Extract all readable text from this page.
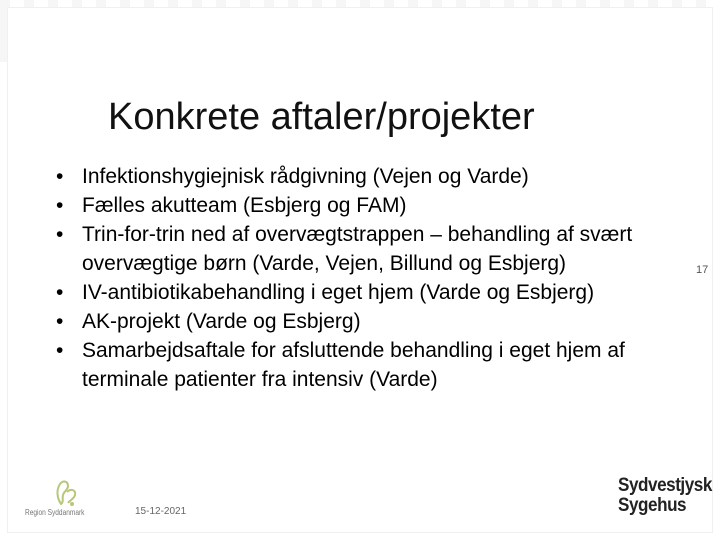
Konkrete aftaler/projekter
• Infektionshygiejnisk rådgivning (Vejen og Varde)
• Fælles akutteam (Esbjerg og FAM)
• Trin-for-trin ned af overvægtstrappen – behandling af svært overvægtige børn (Varde, Vejen, Billund og Esbjerg)
• IV-antibiotikabehandling i eget hjem (Varde og Esbjerg)
• AK-projekt (Varde og Esbjerg)
• Samarbejdsaftale for afsluttende behandling i eget hjem af terminale patienter fra intensiv (Varde)
17
Region Syddanmark	15-12-2021
Sydvestjysk
Sygehus
